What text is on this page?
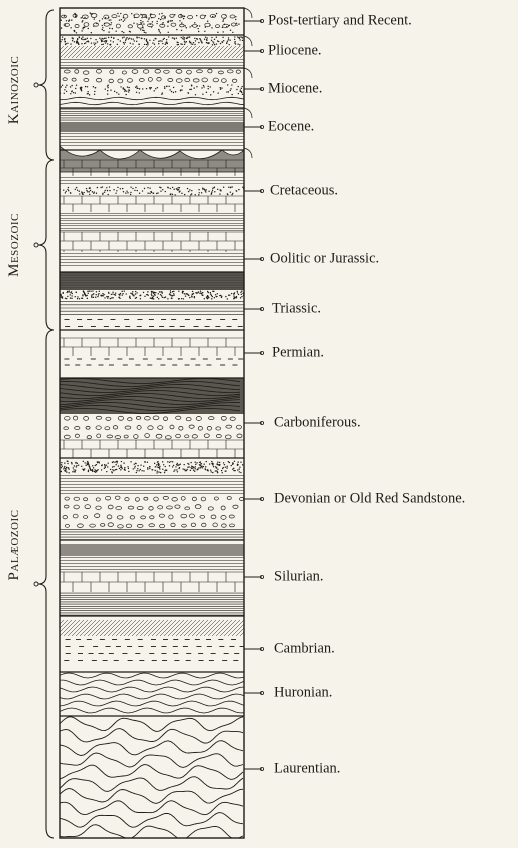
Kainozoic
Mesozoic
Palæozoic
Post-tertiary and Recent.
Pliocene.
Miocene.
Eocene.
Cretaceous.
Oolitic or Jurassic.
Triassic.
Permian.
Carboniferous.
Devonian or Old Red Sandstone.
Silurian.
Cambrian.
Huronian.
Laurentian.
